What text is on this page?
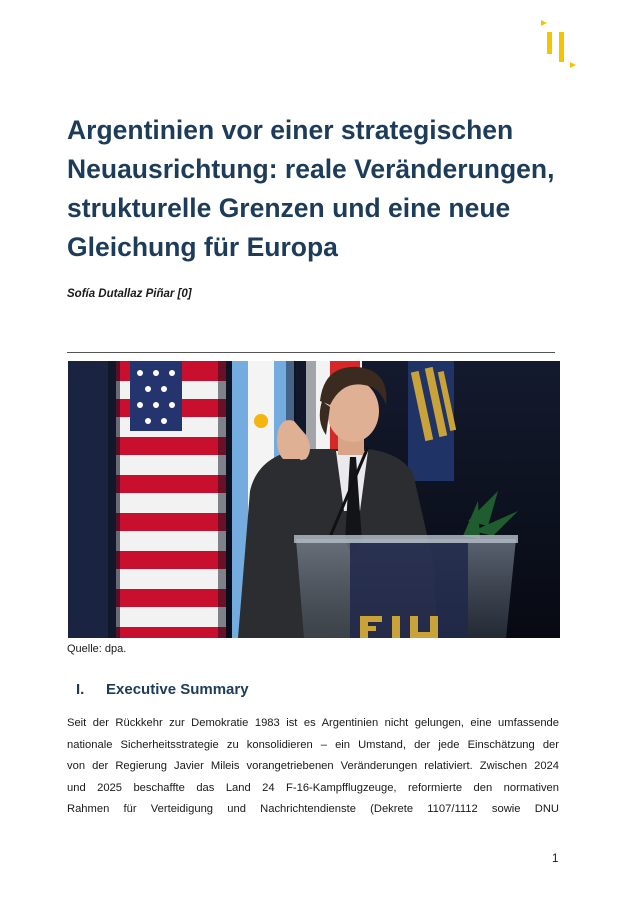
Argentinien vor einer strategischen
Neuausrichtung: reale Veränderungen,
strukturelle Grenzen und eine neue
Gleichung für Europa
Sofía Dutallaz Piñar [0]
Quelle: dpa.
I. Executive Summary
Seit der Rückkehr zur Demokratie 1983 ist es Argentinien nicht gelungen, eine umfassende
nationale Sicherheitsstrategie zu konsolidieren – ein Umstand, der jede Einschätzung der
von der Regierung Javier Mileis vorangetriebenen Veränderungen relativiert. Zwischen 2024
und 2025 beschaffte das Land 24 F-16-Kampfflugzeuge, reformierte den normativen
Rahmen für Verteidigung und Nachrichtendienste (Dekrete 1107/1112 sowie DNU
1
